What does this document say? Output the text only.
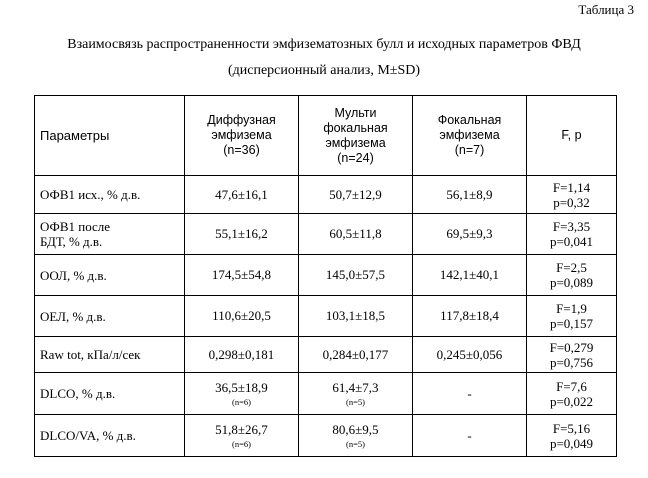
Таблица 3
Взаимосвязь распространенности эмфизематозных булл и исходных параметров ФВД
(дисперсионный анализ, M±SD)
Параметры	Диффузная
эмфизема
(n=36)	Мульти
фокальная
эмфизема
(n=24)	Фокальная
эмфизема
(n=7)	F, p
ОФВ1 исх., % д.в.	47,6±16,1	50,7±12,9	56,1±8,9	F=1,14
p=0,32

ОФВ1 после
БДТ, % д.в.	55,1±16,2	60,5±11,8	69,5±9,3	F=3,35
p=0,041

ООЛ, % д.в.	174,5±54,8	145,0±57,5	142,1±40,1	F=2,5
p=0,089

ОЕЛ, % д.в.	110,6±20,5	103,1±18,5	117,8±18,4	F=1,9
p=0,157

Raw tot, кПа/л/сек	0,298±0,181	0,284±0,177	0,245±0,056	F=0,279
p=0,756

DLCO, % д.в.	36,5±18,9
(n=6)	61,4±7,3
(n=5)	-	F=7,6
p=0,022

DLCO/VA, % д.в.	51,8±26,7
(n=6)	80,6±9,5
(n=5)	-	F=5,16
p=0,049
